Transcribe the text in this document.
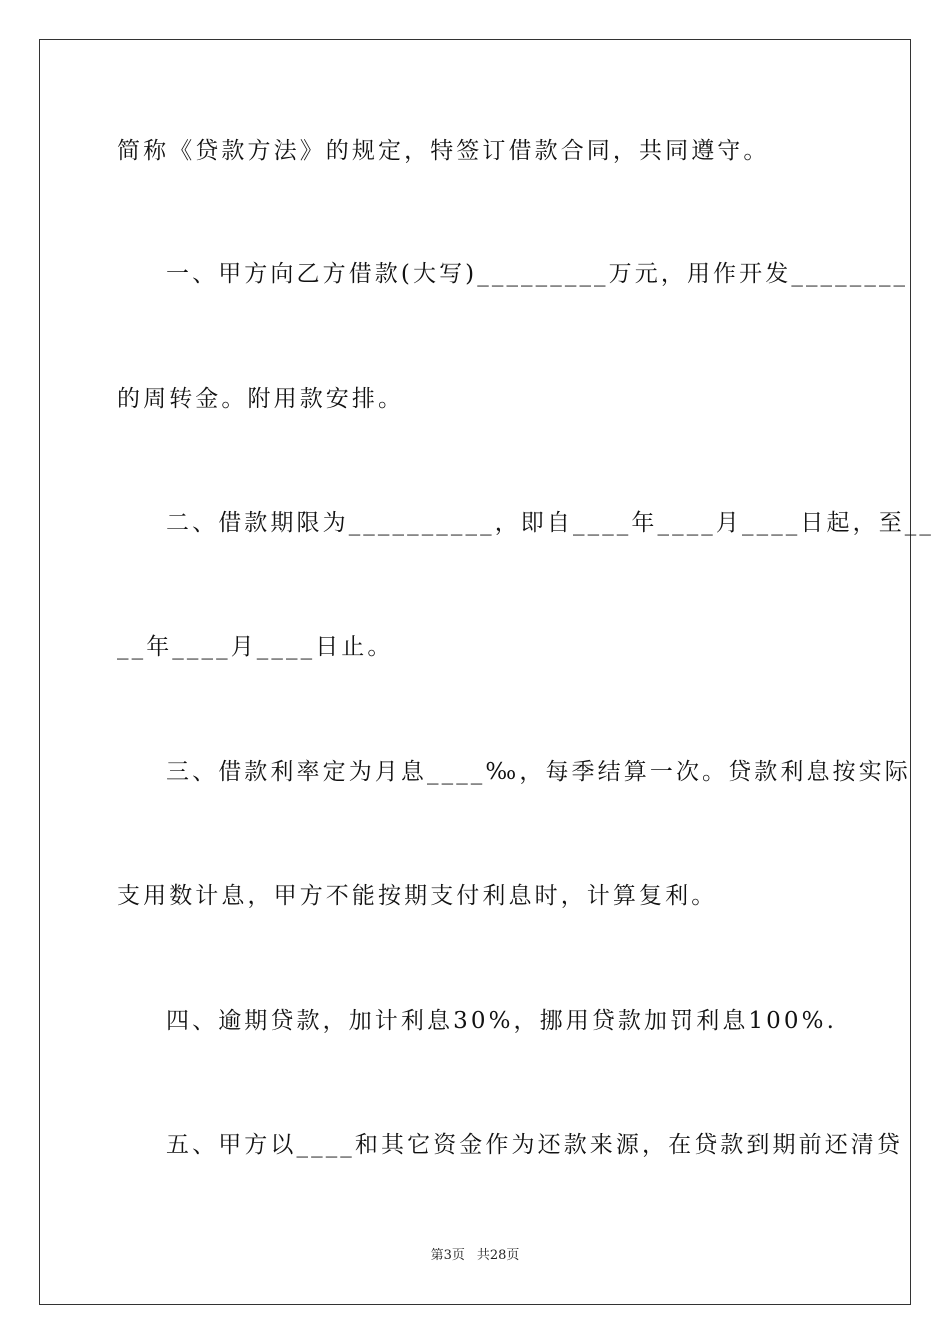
简称《贷款方法》的规定，特签订借款合同，共同遵守。
一、甲方向乙方借款(大写)_________万元，用作开发________
的周转金。附用款安排。
二、借款期限为__________，即自____年____月____日起，至__
__年____月____日止。
三、借款利率定为月息____‰，每季结算一次。贷款利息按实际
支用数计息，甲方不能按期支付利息时，计算复利。
四、逾期贷款，加计利息30%，挪用贷款加罚利息100%.
五、甲方以____和其它资金作为还款来源，在贷款到期前还清贷
第3页 共28页
